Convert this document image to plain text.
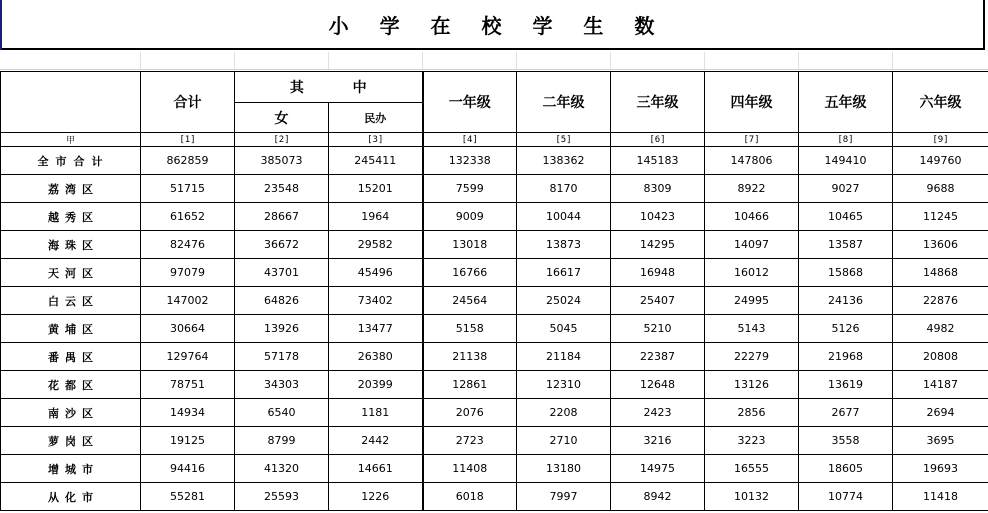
小 学 在 校 学 生 数
	合计	其 中		一年级	二年级	三年级	四年级	五年级	六年级
		女	民办						
甲	[1]	[2]	[3]	[4]	[5]	[6]	[7]	[8]	[9]
全市合计	862859	385073	245411	132338	138362	145183	147806	149410	149760
荔湾区	51715	23548	15201	7599	8170	8309	8922	9027	9688
越秀区	61652	28667	1964	9009	10044	10423	10466	10465	11245
海珠区	82476	36672	29582	13018	13873	14295	14097	13587	13606
天河区	97079	43701	45496	16766	16617	16948	16012	15868	14868
白云区	147002	64826	73402	24564	25024	25407	24995	24136	22876
黄埔区	30664	13926	13477	5158	5045	5210	5143	5126	4982
番禺区	129764	57178	26380	21138	21184	22387	22279	21968	20808
花都区	78751	34303	20399	12861	12310	12648	13126	13619	14187
南沙区	14934	6540	1181	2076	2208	2423	2856	2677	2694
萝岗区	19125	8799	2442	2723	2710	3216	3223	3558	3695
增城市	94416	41320	14661	11408	13180	14975	16555	18605	19693
从化市	55281	25593	1226	6018	7997	8942	10132	10774	11418
